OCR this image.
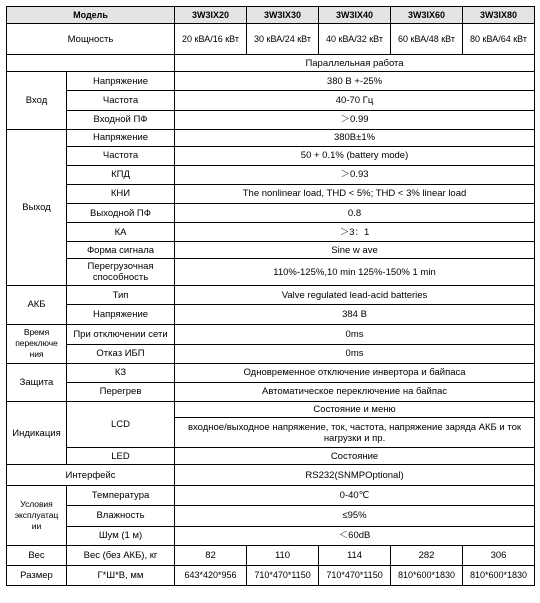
Модель		3W3IX20	3W3IX30	3W3IX40	3W3IX60	3W3IX80
Мощность		20 кВА/16 кВт	30 кВА/24 кВт	40 кВА/32 кВт	60 кВА/48 кВт	80 кВА/64 кВт
		Параллельная работа				
Вход	Напряжение	380 В +-25%				
	Частота	40-70 Гц				
	Входной ПФ	＞0.99				
Выход	Напряжение	380В±1%				
	Частота	50 + 0.1% (battery mode)				
	КПД	＞0.93				
	КНИ	The nonlinear load, THD < 5%; THD < 3% linear load				
	Выходной ПФ	0.8				
	КА	＞3：1				
	Форма сигнала	Sine w ave				
	Перегрузочная способность	110%-125%,10 min 125%-150% 1 min				
АКБ	Тип	Valve regulated lead-acid batteries				
	Напряжение	384 В				
Время переключе ния	При отключении сети	0ms				
	Отказ ИБП	0ms				
Защита	КЗ	Одновременное отключение инвертора и байпаса				
	Перегрев	Автоматическое переключение на байпас				
Индикация	LCD	Состояние и меню				
		входное/выходное напряжение, ток, частота, напряжение заряда АКБ и ток нагрузки и пр.				
	LED	Состояние				
Интерфейс		RS232(SNMPOptional)				
Условия эксплуатац ии	Температура	0-40℃				
	Влажность	≤95%				
	Шум (1 м)	＜60dB				
Вес	Вес (без АКБ), кг	82	110	114	282	306
Размер	Г*Ш*В, мм	643*420*956	710*470*1150	710*470*1150	810*600*1830	810*600*1830
